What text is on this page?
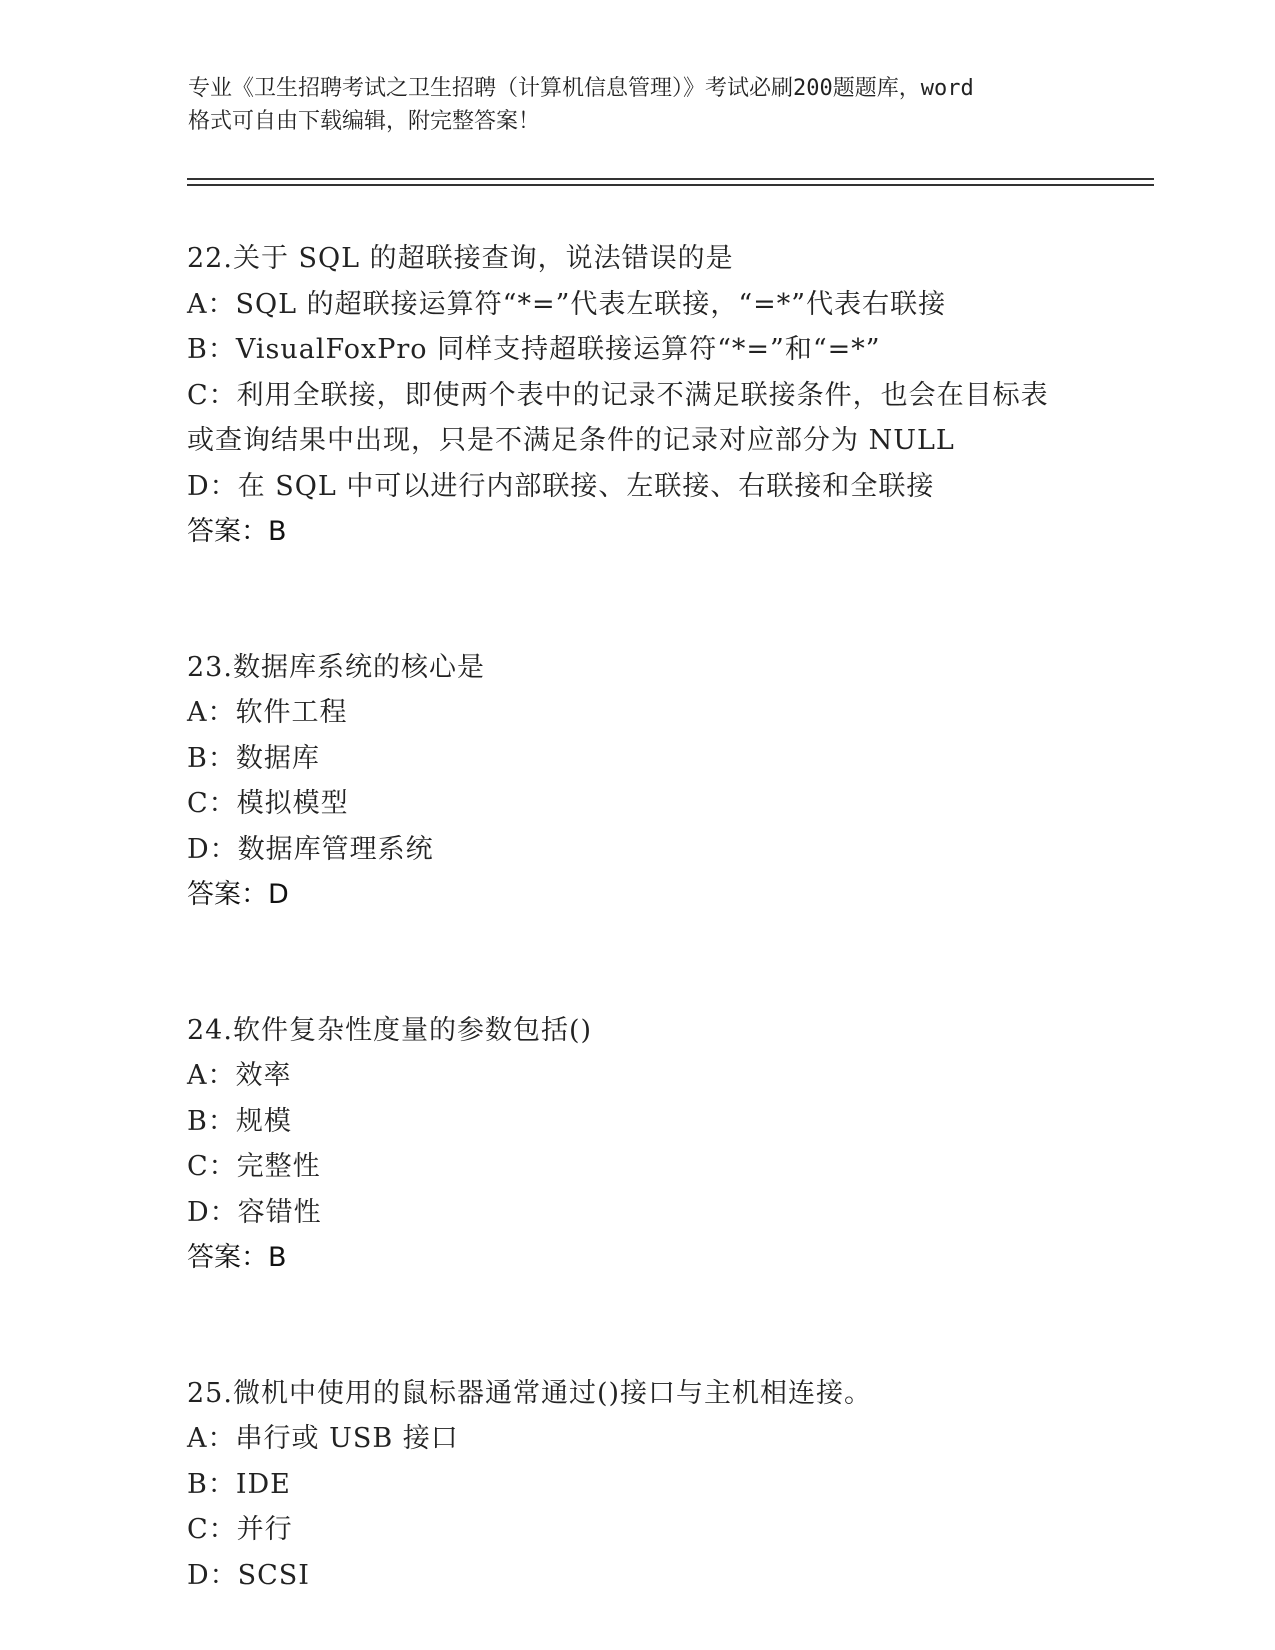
专业《卫生招聘考试之卫生招聘（计算机信息管理）》考试必刷200题题库，word
格式可自由下载编辑，附完整答案！
22.关于 SQL 的超联接查询，说法错误的是
A：SQL 的超联接运算符“*=”代表左联接，“=*”代表右联接
B：VisualFoxPro 同样支持超联接运算符“*=”和“=*”
C：利用全联接，即使两个表中的记录不满足联接条件，也会在目标表
或查询结果中出现，只是不满足条件的记录对应部分为 NULL
D：在 SQL 中可以进行内部联接、左联接、右联接和全联接
答案：B
23.数据库系统的核心是
A：软件工程
B：数据库
C：模拟模型
D：数据库管理系统
答案：D
24.软件复杂性度量的参数包括()
A：效率
B：规模
C：完整性
D：容错性
答案：B
25.微机中使用的鼠标器通常通过()接口与主机相连接。
A：串行或 USB 接口
B：IDE
C：并行
D：SCSI
